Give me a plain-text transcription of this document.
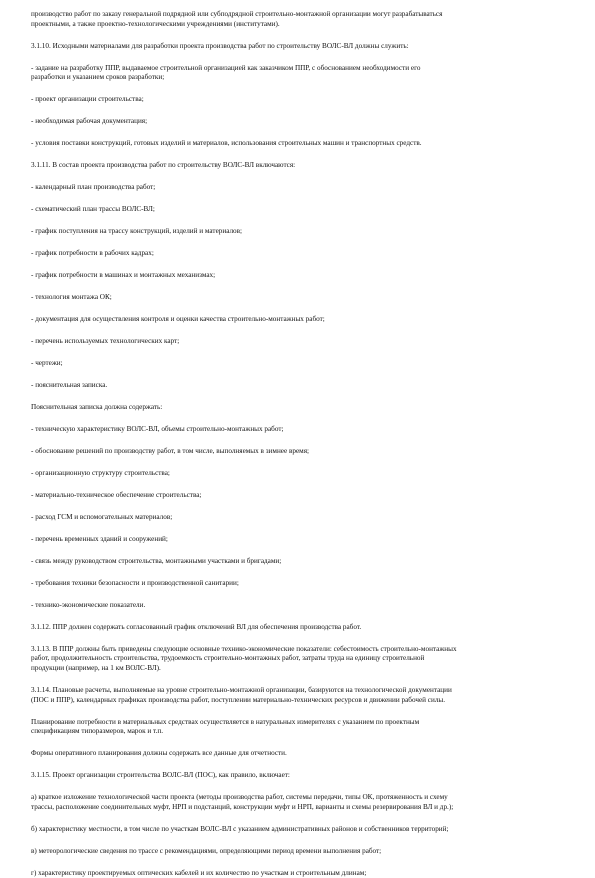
производство работ по заказу генеральной подрядной или субподрядной строительно-монтажной организации могут разрабатываться
проектными, а также проектно-технологическими учреждениями (институтами).

3.1.10. Исходными материалами для разработки проекта производства работ по строительству ВОЛС-ВЛ должны служить:

- задание на разработку ППР, выдаваемое строительной организацией как заказчиком ППР, с обоснованием необходимости его
разработки и указанием сроков разработки;

- проект организации строительства;

- необходимая рабочая документация;

- условия поставки конструкций, готовых изделий и материалов, использования строительных машин и транспортных средств.

3.1.11. В состав проекта производства работ по строительству ВОЛС-ВЛ включаются:

- календарный план производства работ;

- схематический план трассы ВОЛС-ВЛ;

- график поступления на трассу конструкций, изделий и материалов;

- график потребности в рабочих кадрах;

- график потребности в машинах и монтажных механизмах;

- технология монтажа ОК;

- документация для осуществления контроля и оценки качества строительно-монтажных работ;

- перечень используемых технологических карт;

- чертежи;

- пояснительная записка.

Пояснительная записка должна содержать:

- техническую характеристику ВОЛС-ВЛ, объемы строительно-монтажных работ;

- обоснование решений по производству работ, в том числе, выполняемых в зимнее время;

- организационную структуру строительства;

- материально-техническое обеспечение строительства;

- расход ГСМ и вспомогательных материалов;

- перечень временных зданий и сооружений;

- связь между руководством строительства, монтажными участками и бригадами;

- требования техники безопасности и производственной санитарии;

- технико-экономические показатели.

3.1.12. ППР должен содержать согласованный график отключений ВЛ для обеспечения производства работ.

3.1.13. В ППР должны быть приведены следующие основные технико-экономические показатели: себестоимость строительно-монтажных
работ, продолжительность строительства, трудоемкость строительно-монтажных работ, затраты труда на единицу строительной
продукции (например, на 1 км ВОЛС-ВЛ).

3.1.14. Плановые расчеты, выполняемые на уровне строительно-монтажной организации, базируются на технологической документации
(ПОС и ППР), календарных графиках производства работ, поступлении материально-технических ресурсов и движении рабочей силы.

Планирование потребности в материальных средствах осуществляется в натуральных измерителях с указанием по проектным
спецификациям типоразмеров, марок и т.п.

Формы оперативного планирования должны содержать все данные для отчетности.

3.1.15. Проект организации строительства ВОЛС-ВЛ (ПОС), как правило, включает:

а) краткое изложение технологической части проекта (методы производства работ, системы передачи, типы ОК, протяженность и схему
трассы, расположение соединительных муфт, НРП и подстанций, конструкции муфт и НРП, варианты и схемы резервирования ВЛ и др.);

б) характеристику местности, в том числе по участкам ВОЛС-ВЛ с указанием административных районов и собственников территорий;

в) метеорологические сведения по трассе с рекомендациями, определяющими период времени выполнения работ;

г) характеристику проектируемых оптических кабелей и их количество по участкам и строительным длинам;
